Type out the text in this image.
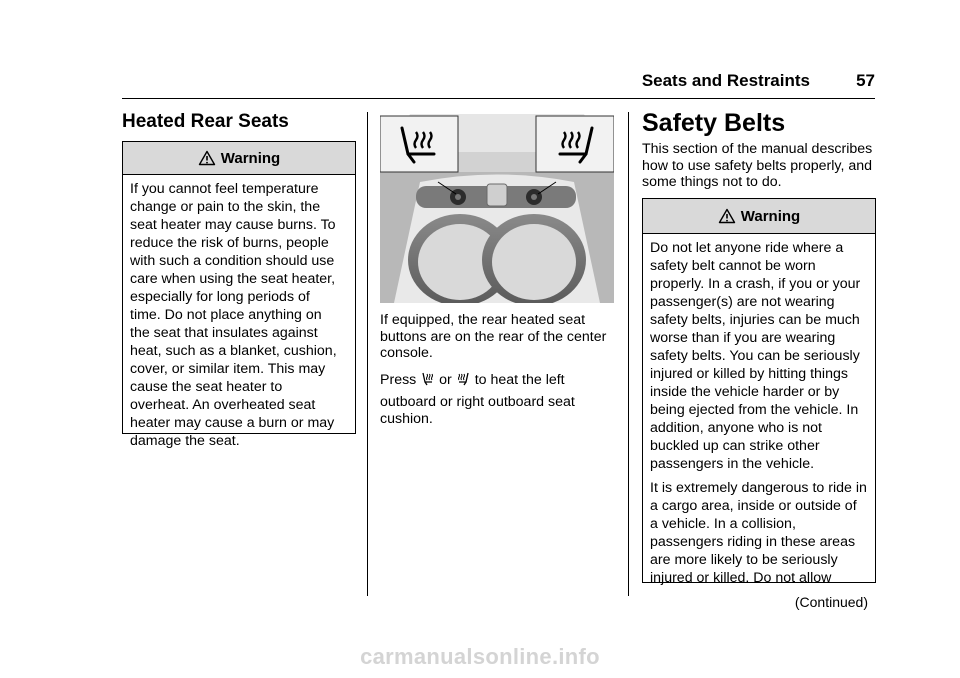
Seats and Restraints	57
Heated Rear Seats
Warning

If you cannot feel temperature change or pain to the skin, the seat heater may cause burns. To reduce the risk of burns, people with such a condition should use care when using the seat heater, especially for long periods of time. Do not place anything on the seat that insulates against heat, such as a blanket, cushion, cover, or similar item. This may cause the seat heater to overheat. An overheated seat heater may cause a burn or may damage the seat.

If equipped, the rear heated seat buttons are on the rear of the center console.

Press or to heat the left

outboard or right outboard seat cushion.

Safety Belts
This section of the manual describes how to use safety belts properly, and some things not to do.
Warning

Do not let anyone ride where a safety belt cannot be worn properly. In a crash, if you or your passenger(s) are not wearing safety belts, injuries can be much worse than if you are wearing safety belts. You can be seriously injured or killed by hitting things inside the vehicle harder or by being ejected from the vehicle. In addition, anyone who is not buckled up can strike other passengers in the vehicle.

It is extremely dangerous to ride in a cargo area, inside or outside of a vehicle. In a collision, passengers riding in these areas are more likely to be seriously injured or killed. Do not allow

(Continued)
carmanualsonline.info
